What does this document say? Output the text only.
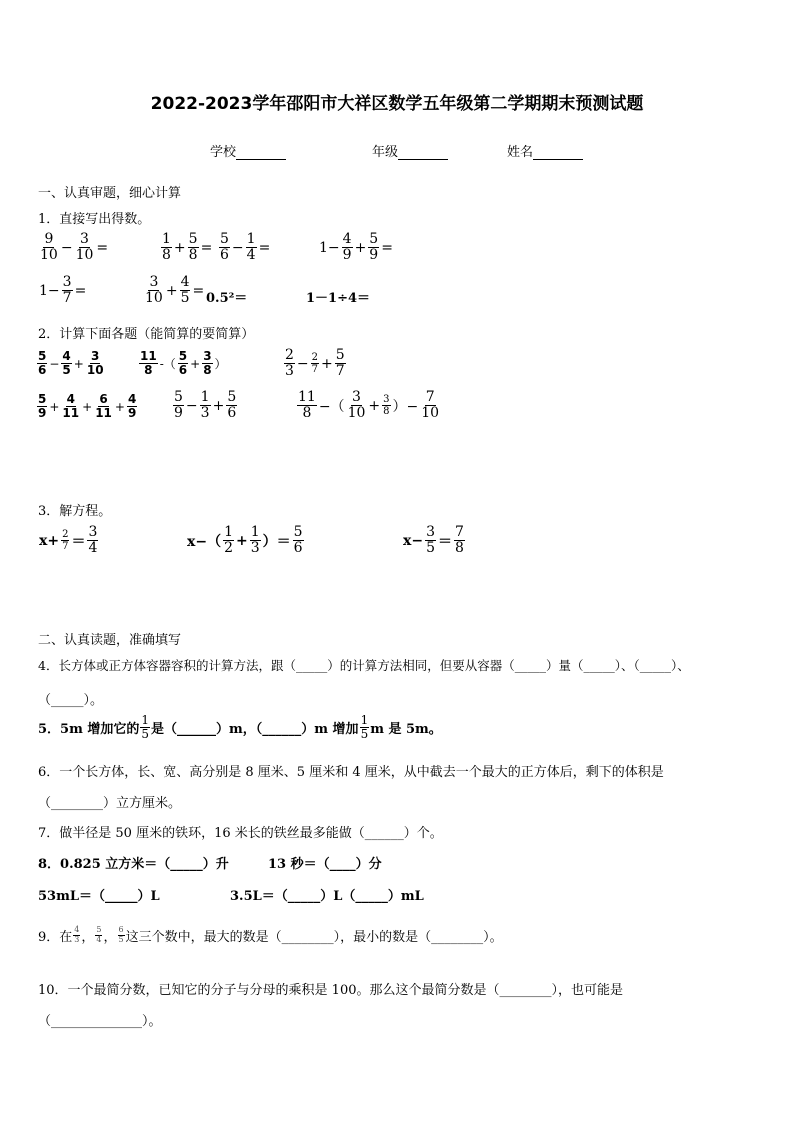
2022-2023学年邵阳市大祥区数学五年级第二学期期末预测试题
学校	年级	姓名
一、认真审题，细心计算
1．直接写出得数。
$\frac{9}{10} - \frac{3}{10}$ =	$\frac{1}{8} + \frac{5}{8} = \frac{5}{6} - \frac{1}{4}$ =	$1- \frac{4}{9} + \frac{5}{9}$ =
$1- \frac{3}{7}$ =	$\frac{3}{10} + \frac{4}{5} = 0.5^2=$	1－1÷4＝
2．计算下面各题（能简算的要简算）
$\frac{5}{6} - \frac{4}{5} + \frac{3}{10}$	$\frac{11}{8}$ -（ $\frac{5}{6} + \frac{3}{8}$ ）	$\frac{2}{3} - \frac{2}{7} + \frac{5}{7}$
$\frac{5}{9} + \frac{4}{11} + \frac{6}{11} + \frac{4}{9}$	$\frac{5}{9} - \frac{1}{3} + \frac{5}{6}$	$\frac{11}{8}$ −（ $\frac{3}{10} + \frac{3}{8}$ ）− $\frac{7}{10}$
3．解方程。
$x+ \frac{2}{7} = \frac{3}{4}$	$x-( \frac{1}{2} + \frac{1}{3}$ ）＝ $\frac{5}{6}$	$x- \frac{3}{5} = \frac{7}{8}$
二、认真读题，准确填写
4．长方体或正方体容器容积的计算方法，跟（_____）的计算方法相同，但要从容器（_____）量（_____）、（_____）、
（_____）。
5．5m 增加它的 $\frac{1}{5}$ 是（______）m，（______）m 增加 $\frac{1}{5}$ m 是 5m。
6．一个长方体，长、宽、高分别是 8 厘米、5 厘米和 4 厘米，从中截去一个最大的正方体后，剩下的体积是
（________）立方厘米。
7．做半径是 50 厘米的铁环，16 米长的铁丝最多能做（______）个。
8．0.825 立方米＝（_____）升	13 秒＝（____）分
53mL＝（_____）L	3.5L＝（_____）L（_____）mL
9．在 $\frac{4}{3}$ ， $\frac{5}{4}$ ， $\frac{6}{5}$ 这三个数中，最大的数是（________），最小的数是（________）。
10．一个最简分数，已知它的分子与分母的乘积是 100。那么这个最简分数是（________），也可能是
（______________）。
